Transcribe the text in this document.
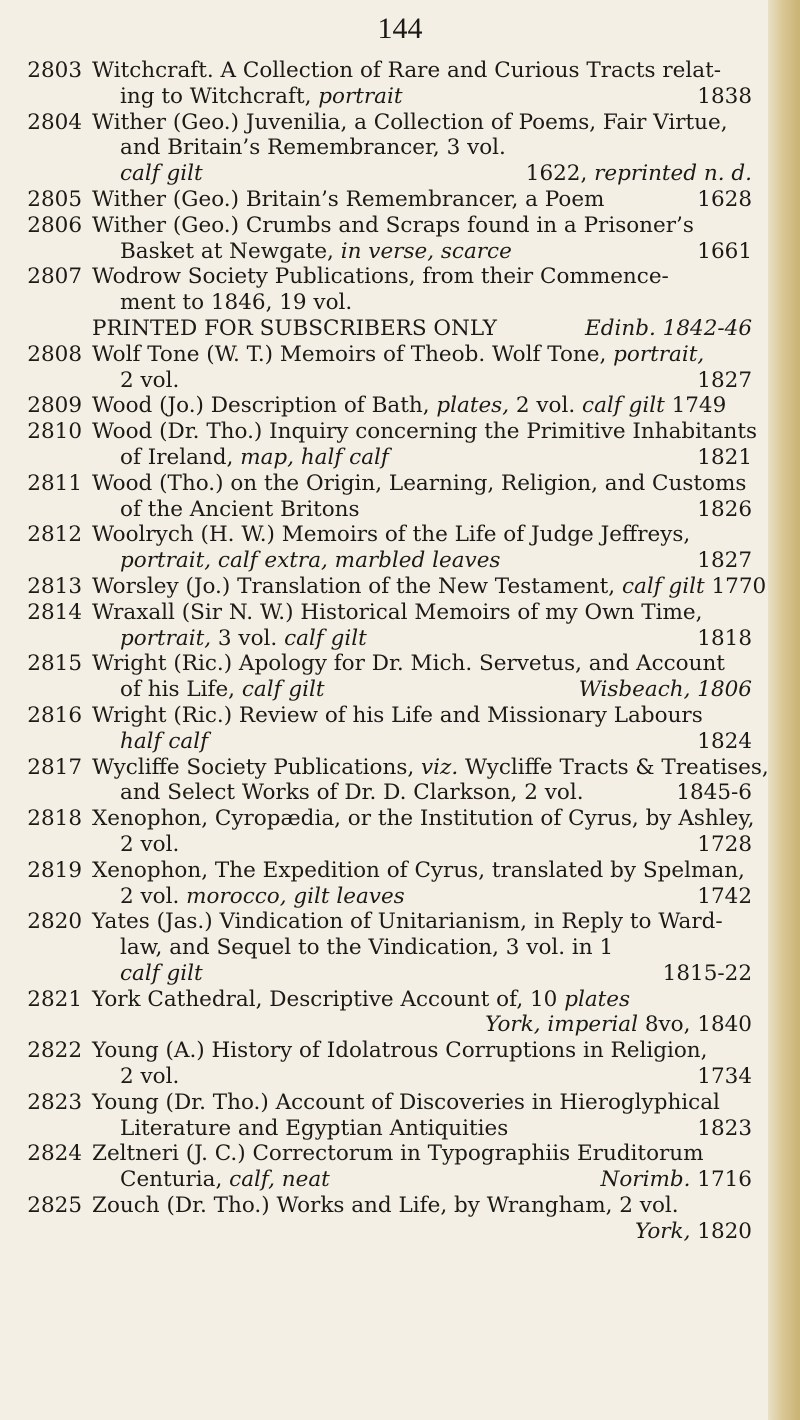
144
2803 Witchcraft. A Collection of Rare and Curious Tracts relat-
ing to Witchcraft, portrait	1838
2804 Wither (Geo.) Juvenilia, a Collection of Poems, Fair Virtue,
and Britain’s Remembrancer, 3 vol.
calf gilt	1622, reprinted n. d.
2805 Wither (Geo.) Britain’s Remembrancer, a Poem	1628
2806 Wither (Geo.) Crumbs and Scraps found in a Prisoner’s
Basket at Newgate, in verse, scarce	1661
2807 Wodrow Society Publications, from their Commence-
ment to 1846, 19 vol.
PRINTED FOR SUBSCRIBERS ONLY	Edinb. 1842-46
2808 Wolf Tone (W. T.) Memoirs of Theob. Wolf Tone, portrait,
2 vol.	1827
2809 Wood (Jo.) Description of Bath, plates, 2 vol. calf gilt 1749
2810 Wood (Dr. Tho.) Inquiry concerning the Primitive Inhabitants
of Ireland, map, half calf	1821
2811 Wood (Tho.) on the Origin, Learning, Religion, and Customs
of the Ancient Britons	1826
2812 Woolrych (H. W.) Memoirs of the Life of Judge Jeffreys,
portrait, calf extra, marbled leaves	1827
2813 Worsley (Jo.) Translation of the New Testament, calf gilt 1770
2814 Wraxall (Sir N. W.) Historical Memoirs of my Own Time,
portrait, 3 vol. calf gilt	1818
2815 Wright (Ric.) Apology for Dr. Mich. Servetus, and Account
of his Life, calf gilt	Wisbeach, 1806
2816 Wright (Ric.) Review of his Life and Missionary Labours
half calf	1824
2817 Wycliffe Society Publications, viz. Wycliffe Tracts & Treatises,
and Select Works of Dr. D. Clarkson, 2 vol.	1845-6
2818 Xenophon, Cyropædia, or the Institution of Cyrus, by Ashley,
2 vol.	1728
2819 Xenophon, The Expedition of Cyrus, translated by Spelman,
2 vol. morocco, gilt leaves	1742
2820 Yates (Jas.) Vindication of Unitarianism, in Reply to Ward-
law, and Sequel to the Vindication, 3 vol. in 1
calf gilt	1815-22
2821 York Cathedral, Descriptive Account of, 10 plates
York, imperial 8vo, 1840
2822 Young (A.) History of Idolatrous Corruptions in Religion,
2 vol.	1734
2823 Young (Dr. Tho.) Account of Discoveries in Hieroglyphical
Literature and Egyptian Antiquities	1823
2824 Zeltneri (J. C.) Correctorum in Typographiis Eruditorum
Centuria, calf, neat	Norimb. 1716
2825 Zouch (Dr. Tho.) Works and Life, by Wrangham, 2 vol.
York, 1820
